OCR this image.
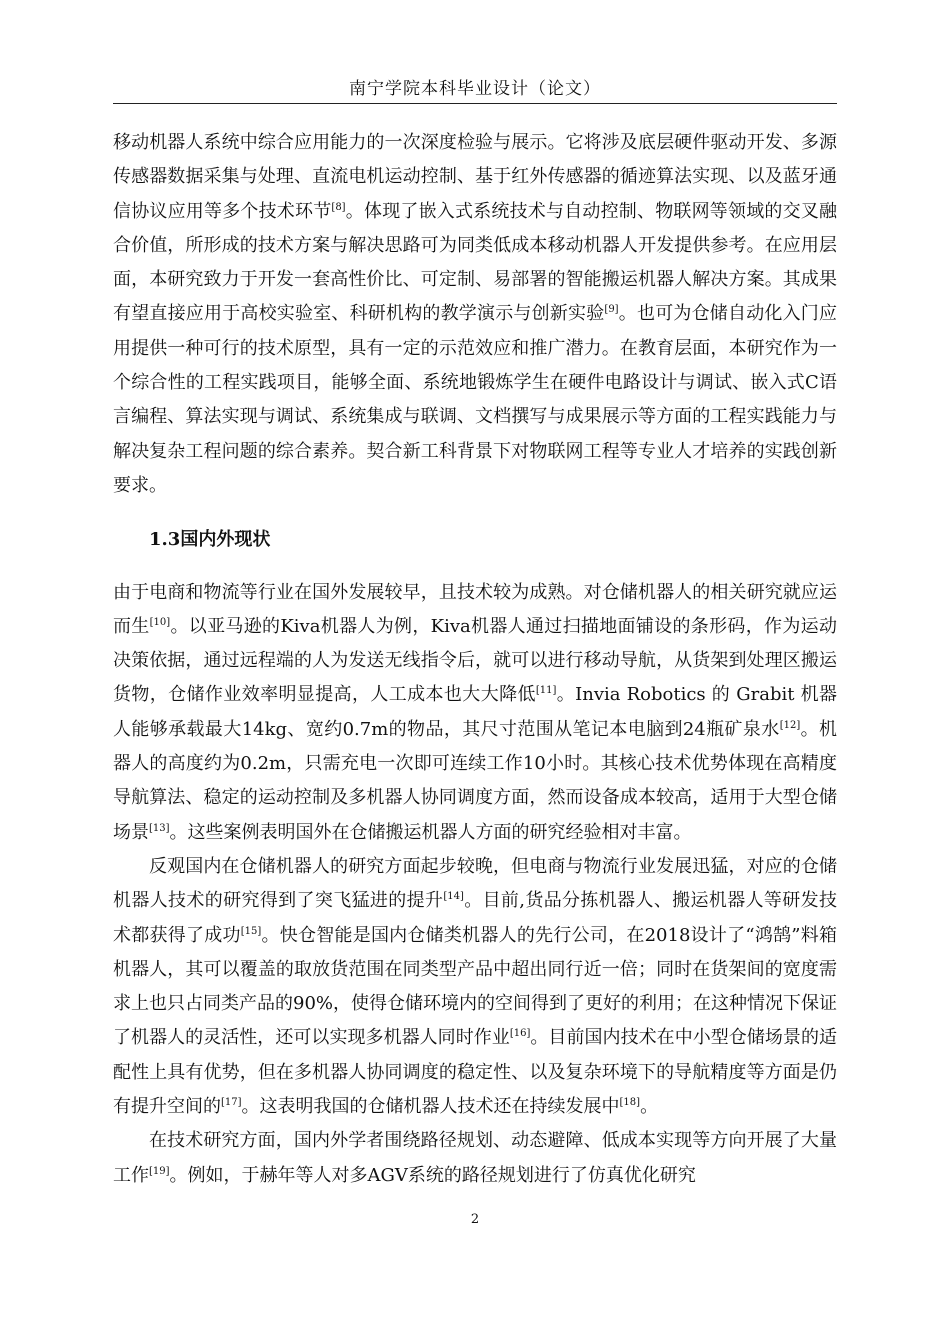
南宁学院本科毕业设计（论文）

移动机器人系统中综合应用能力的一次深度检验与展示。它将涉及底层硬件驱动开发、多源传感器数据采集与处理、直流电机运动控制、基于红外传感器的循迹算法实现、以及蓝牙通信协议应用等多个技术环节[8]。体现了嵌入式系统技术与自动控制、物联网等领域的交叉融合价值，所形成的技术方案与解决思路可为同类低成本移动机器人开发提供参考。在应用层面，本研究致力于开发一套高性价比、可定制、易部署的智能搬运机器人解决方案。其成果有望直接应用于高校实验室、科研机构的教学演示与创新实验[9]。也可为仓储自动化入门应用提供一种可行的技术原型，具有一定的示范效应和推广潜力。在教育层面，本研究作为一个综合性的工程实践项目，能够全面、系统地锻炼学生在硬件电路设计与调试、嵌入式C语言编程、算法实现与调试、系统集成与联调、文档撰写与成果展示等方面的工程实践能力与解决复杂工程问题的综合素养。契合新工科背景下对物联网工程等专业人才培养的实践创新要求。

1.3国内外现状

由于电商和物流等行业在国外发展较早，且技术较为成熟。对仓储机器人的相关研究就应运而生[10]。以亚马逊的Kiva机器人为例，Kiva机器人通过扫描地面铺设的条形码，作为运动决策依据，通过远程端的人为发送无线指令后，就可以进行移动导航，从货架到处理区搬运货物，仓储作业效率明显提高，人工成本也大大降低[11]。Invia Robotics 的 Grabit 机器人能够承载最大14kg、宽约0.7m的物品，其尺寸范围从笔记本电脑到24瓶矿泉水[12]。机器人的高度约为0.2m，只需充电一次即可连续工作10小时。其核心技术优势体现在高精度导航算法、稳定的运动控制及多机器人协同调度方面，然而设备成本较高，适用于大型仓储场景[13]。这些案例表明国外在仓储搬运机器人方面的研究经验相对丰富。

反观国内在仓储机器人的研究方面起步较晚，但电商与物流行业发展迅猛，对应的仓储机器人技术的研究得到了突飞猛进的提升[14]。目前,货品分拣机器人、搬运机器人等研发技术都获得了成功[15]。快仓智能是国内仓储类机器人的先行公司，在2018设计了“鸿鹄”料箱机器人，其可以覆盖的取放货范围在同类型产品中超出同行近一倍；同时在货架间的宽度需求上也只占同类产品的90%，使得仓储环境内的空间得到了更好的利用；在这种情况下保证了机器人的灵活性，还可以实现多机器人同时作业[16]。目前国内技术在中小型仓储场景的适配性上具有优势，但在多机器人协同调度的稳定性、以及复杂环境下的导航精度等方面是仍有提升空间的[17]。这表明我国的仓储机器人技术还在持续发展中[18]。

在技术研究方面，国内外学者围绕路径规划、动态避障、低成本实现等方向开展了大量工作[19]。例如，于赫年等人对多AGV系统的路径规划进行了仿真优化研究

2
